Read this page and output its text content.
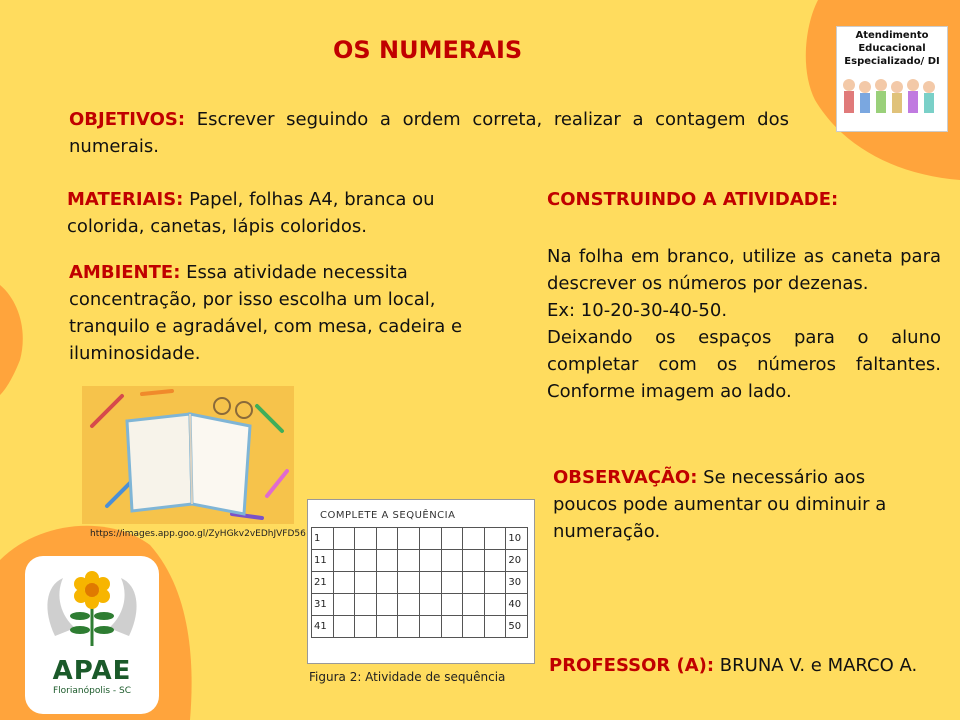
OS NUMERAIS
Atendimento
Educacional
Especializado/ DI
OBJETIVOS: Escrever seguindo a ordem correta, realizar a contagem dos numerais.
MATERIAIS: Papel, folhas A4, branca ou colorida, canetas, lápis coloridos.
AMBIENTE: Essa atividade necessita concentração, por isso escolha um local, tranquilo e agradável, com mesa, cadeira e iluminosidade.
CONSTRUINDO A ATIVIDADE:
Na folha em branco, utilize as caneta para descrever os números por dezenas.
Ex: 10-20-30-40-50.
Deixando os espaços para o aluno completar com os números faltantes. Conforme imagem ao lado.
OBSERVAÇÃO: Se necessário aos poucos pode aumentar ou diminuir a numeração.
PROFESSOR (A): BRUNA V. e MARCO A.
https://images.app.goo.gl/ZyHGkv2vEDhJVFD56
COMPLETE A SEQUÊNCIA
1									10
11									20
21									30
31									40
41									50
Figura 2: Atividade de sequência
APAE
Florianópolis - SC
